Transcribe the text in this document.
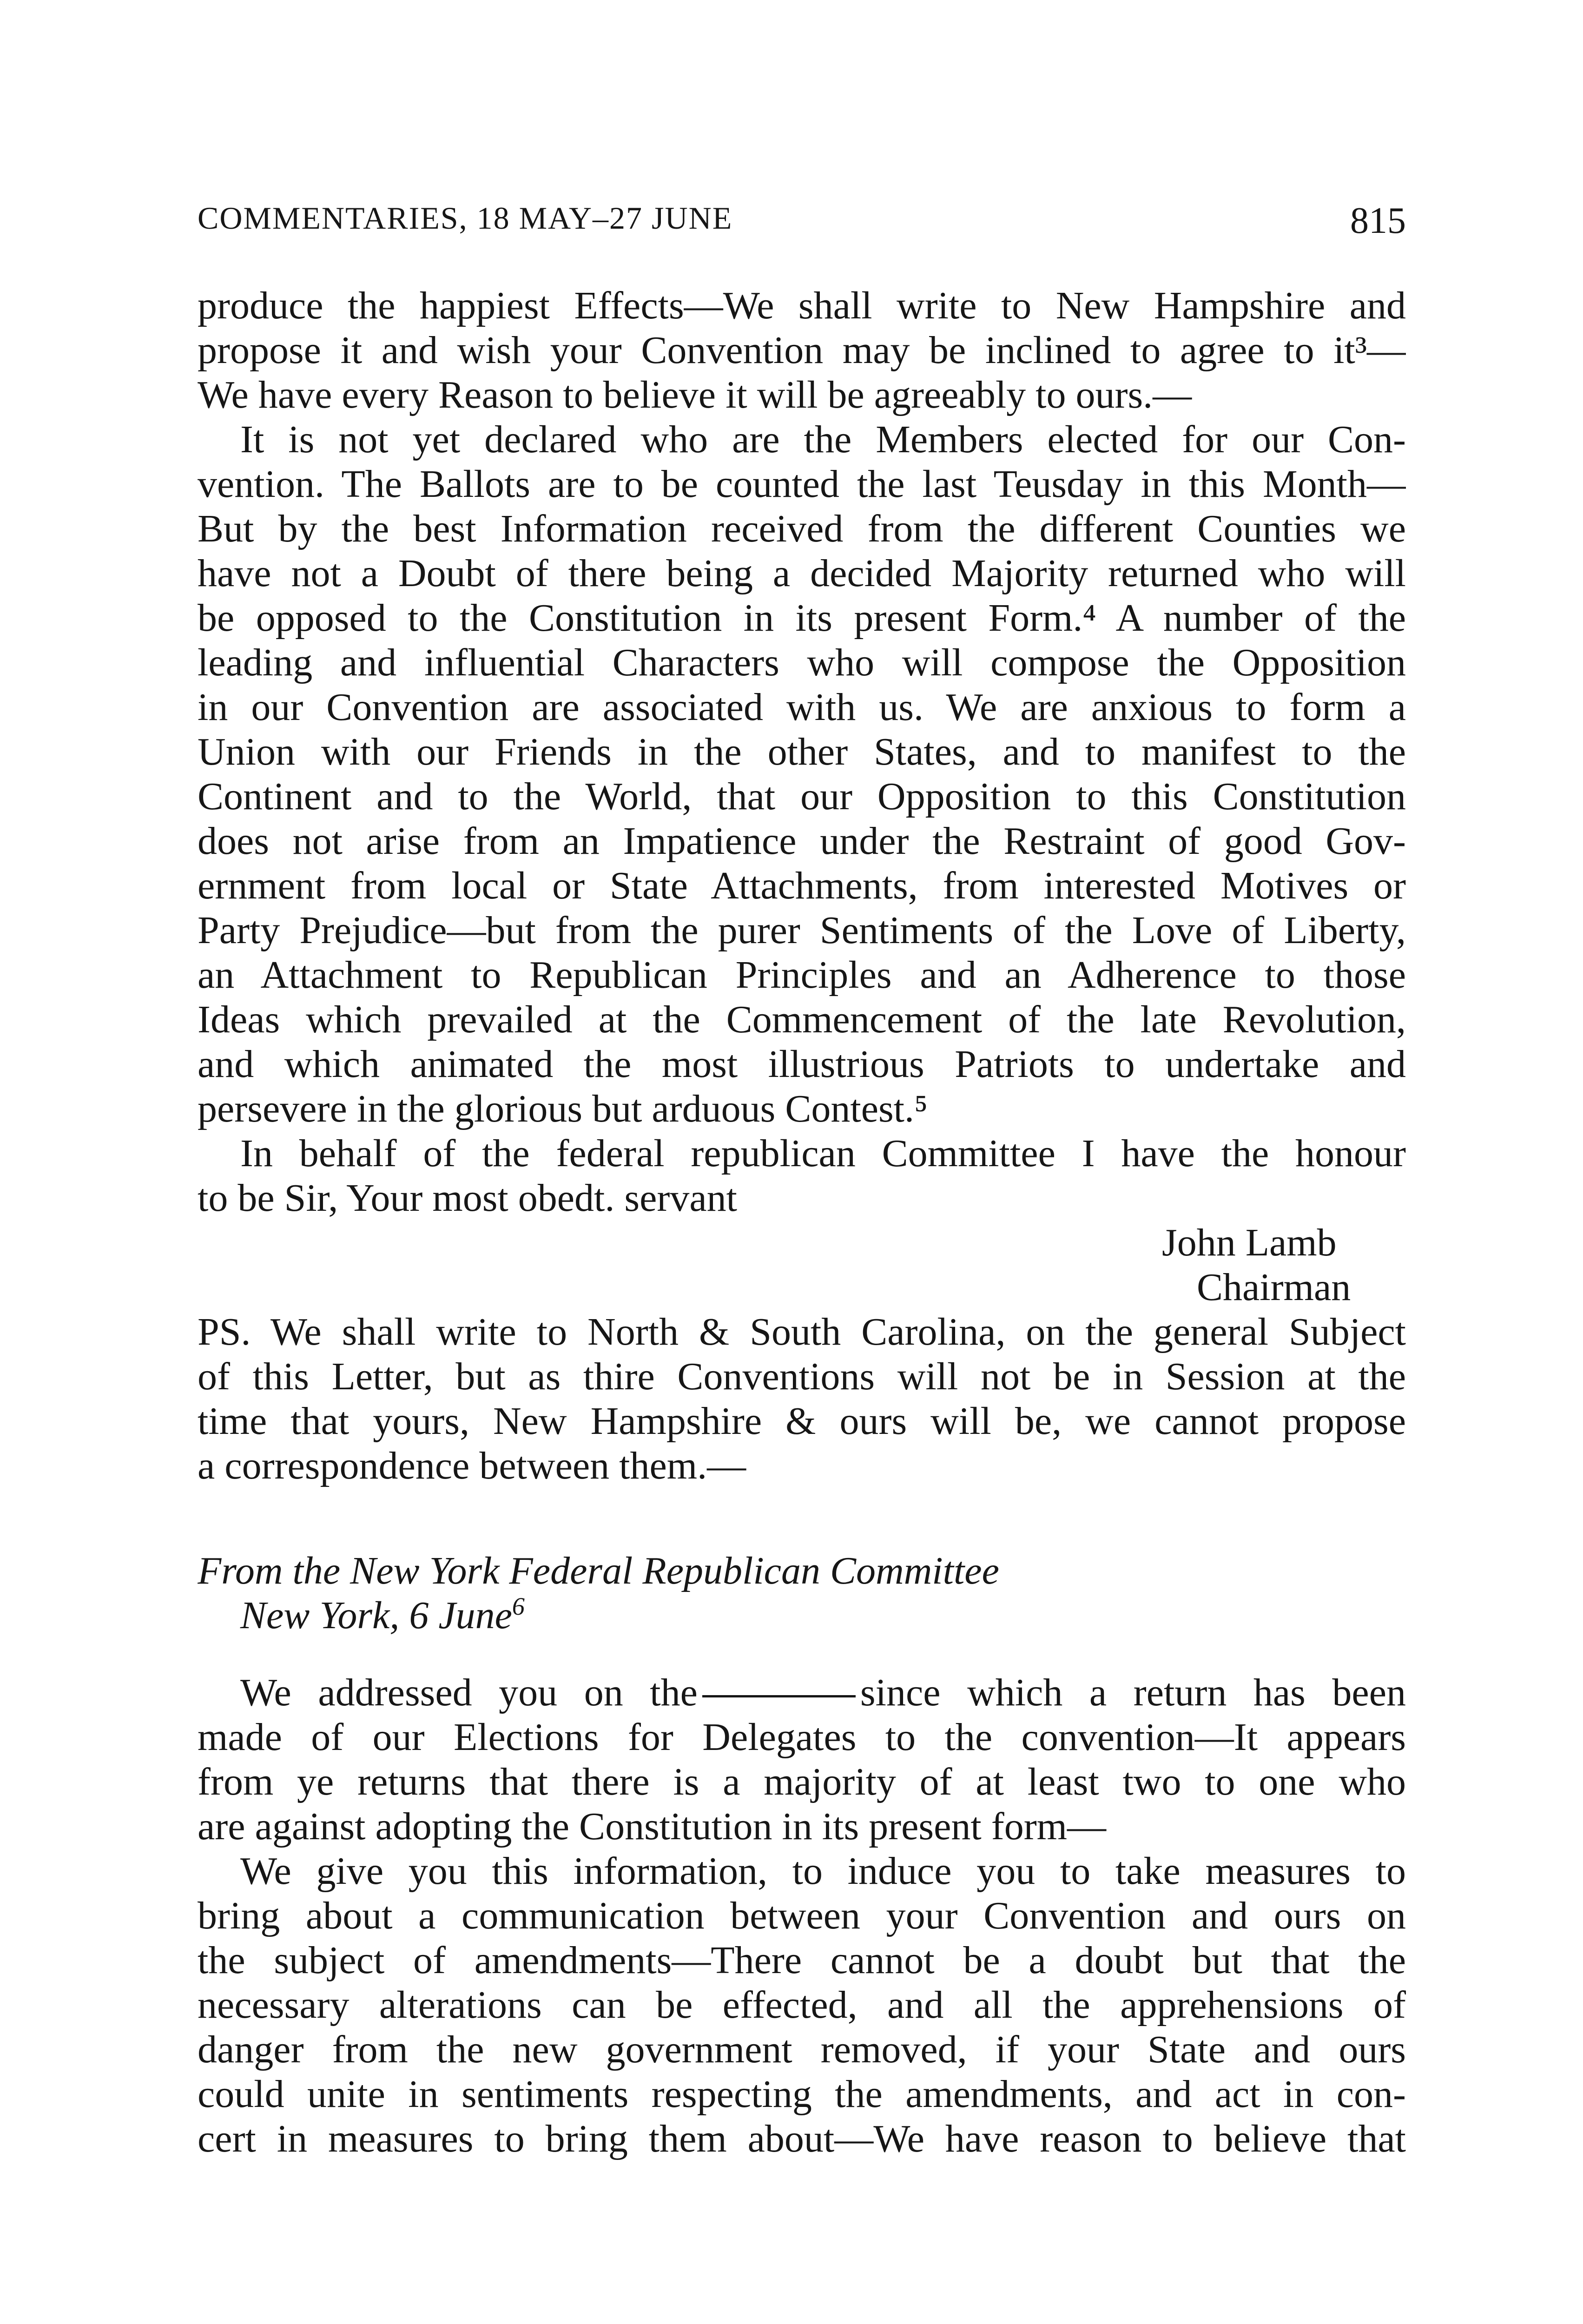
COMMENTARIES, 18 MAY–27 JUNE	815
produce the happiest Effects—We shall write to New Hampshire and
propose it and wish your Convention may be inclined to agree to it³—
We have every Reason to believe it will be agreeably to ours.—
It is not yet declared who are the Members elected for our Con-
vention. The Ballots are to be counted the last Teusday in this Month—
But by the best Information received from the different Counties we
have not a Doubt of there being a decided Majority returned who will
be opposed to the Constitution in its present Form.⁴ A number of the
leading and influential Characters who will compose the Opposition
in our Convention are associated with us. We are anxious to form a
Union with our Friends in the other States, and to manifest to the
Continent and to the World, that our Opposition to this Constitution
does not arise from an Impatience under the Restraint of good Gov-
ernment from local or State Attachments, from interested Motives or
Party Prejudice—but from the purer Sentiments of the Love of Liberty,
an Attachment to Republican Principles and an Adherence to those
Ideas which prevailed at the Commencement of the late Revolution,
and which animated the most illustrious Patriots to undertake and
persevere in the glorious but arduous Contest.⁵
In behalf of the federal republican Committee I have the honour
to be Sir, Your most obedt. servant
John Lamb
Chairman
PS. We shall write to North & South Carolina, on the general Subject
of this Letter, but as thire Conventions will not be in Session at the
time that yours, New Hampshire & ours will be, we cannot propose
a correspondence between them.—
From the New York Federal Republican Committee
New York, 6 June$^6$
We addressed you on the	since which a return has been
made of our Elections for Delegates to the convention—It appears
from ye returns that there is a majority of at least two to one who
are against adopting the Constitution in its present form—
We give you this information, to induce you to take measures to
bring about a communication between your Convention and ours on
the subject of amendments—There cannot be a doubt but that the
necessary alterations can be effected, and all the apprehensions of
danger from the new government removed, if your State and ours
could unite in sentiments respecting the amendments, and act in con-
cert in measures to bring them about—We have reason to believe that
